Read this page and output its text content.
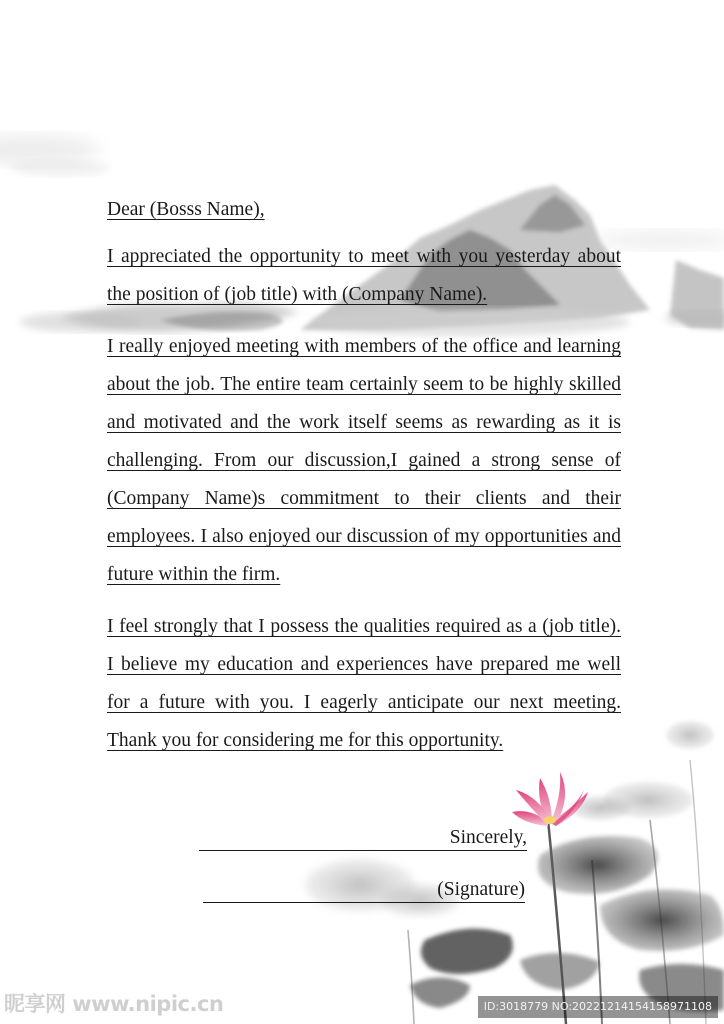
Dear (Bosss Name),

I appreciated the opportunity to meet with you yesterday about the position of (job title) with (Company Name).

I really enjoyed meeting with members of the office and learning about the job. The entire team certainly seem to be highly skilled and motivated and the work itself seems as rewarding as it is challenging. From our discussion,I gained a strong sense of (Company Name)s commitment to their clients and their employees. I also enjoyed our discussion of my opportunities and future within the firm.

I feel strongly that I possess the qualities required as a (job title). I believe my education and experiences have prepared me well for a future with you. I eagerly anticipate our next meeting. Thank you for considering me for this opportunity.

Sincerely,
(Signature)
昵享网 www.nipic.cn	ID:3018779 NO:20221214154158971108
